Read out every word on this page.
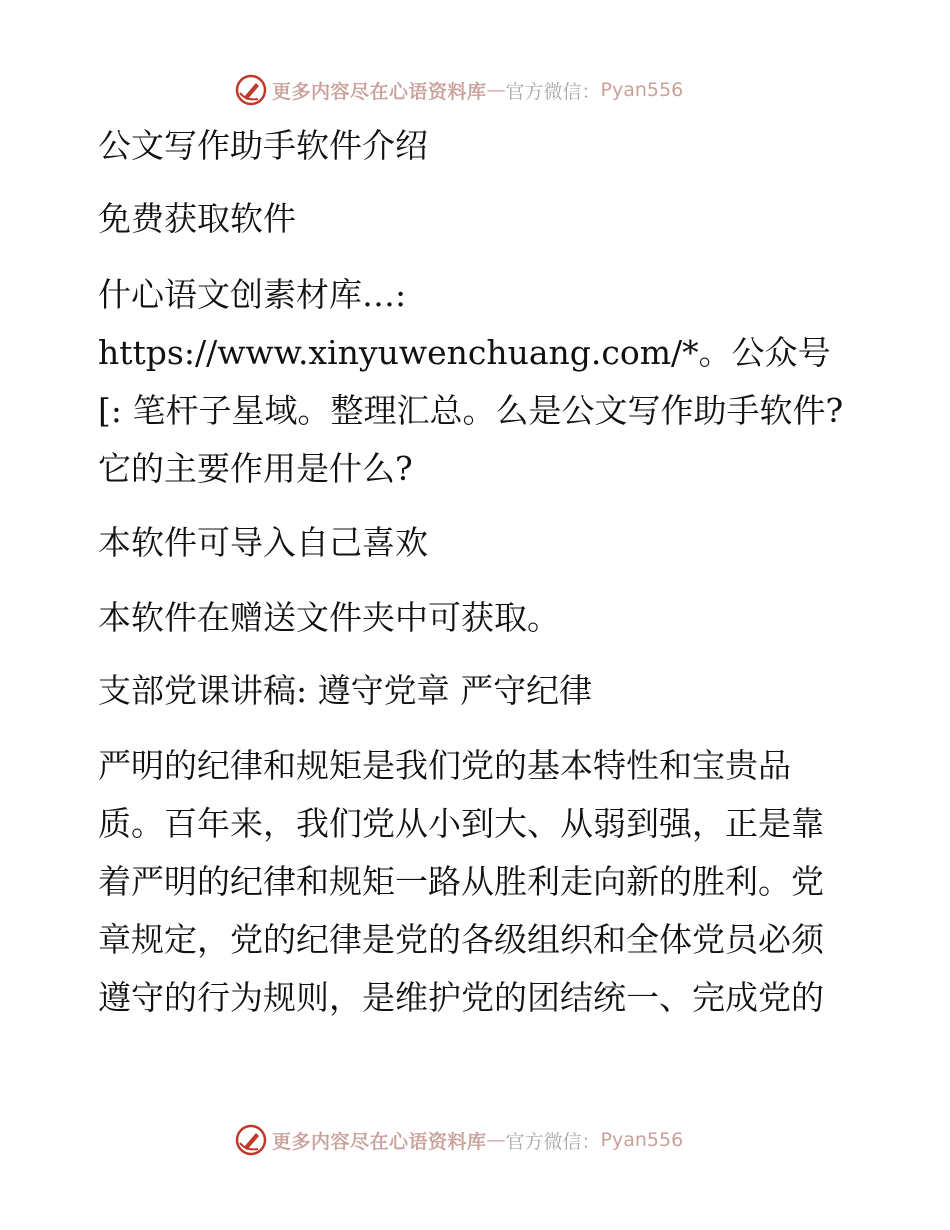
更多内容尽在心语资料库 — 官方微信： Pyan556

公文写作助手软件介绍

免费获取软件

什心语文创素材库…: https://www.xinyuwenchuang.com/*。公众号[: 笔杆子星域。整理汇总。么是公文写作助手软件? 它的主要作用是什么?

本软件可导入自己喜欢

本软件在赠送文件夹中可获取。

支部党课讲稿: 遵守党章 严守纪律

严明的纪律和规矩是我们党的基本特性和宝贵品质。百年来，我们党从小到大、从弱到强，正是靠着严明的纪律和规矩一路从胜利走向新的胜利。党章规定，党的纪律是党的各级组织和全体党员必须遵守的行为规则，是维护党的团结统一、完成党的

更多内容尽在心语资料库 — 官方微信： Pyan556
